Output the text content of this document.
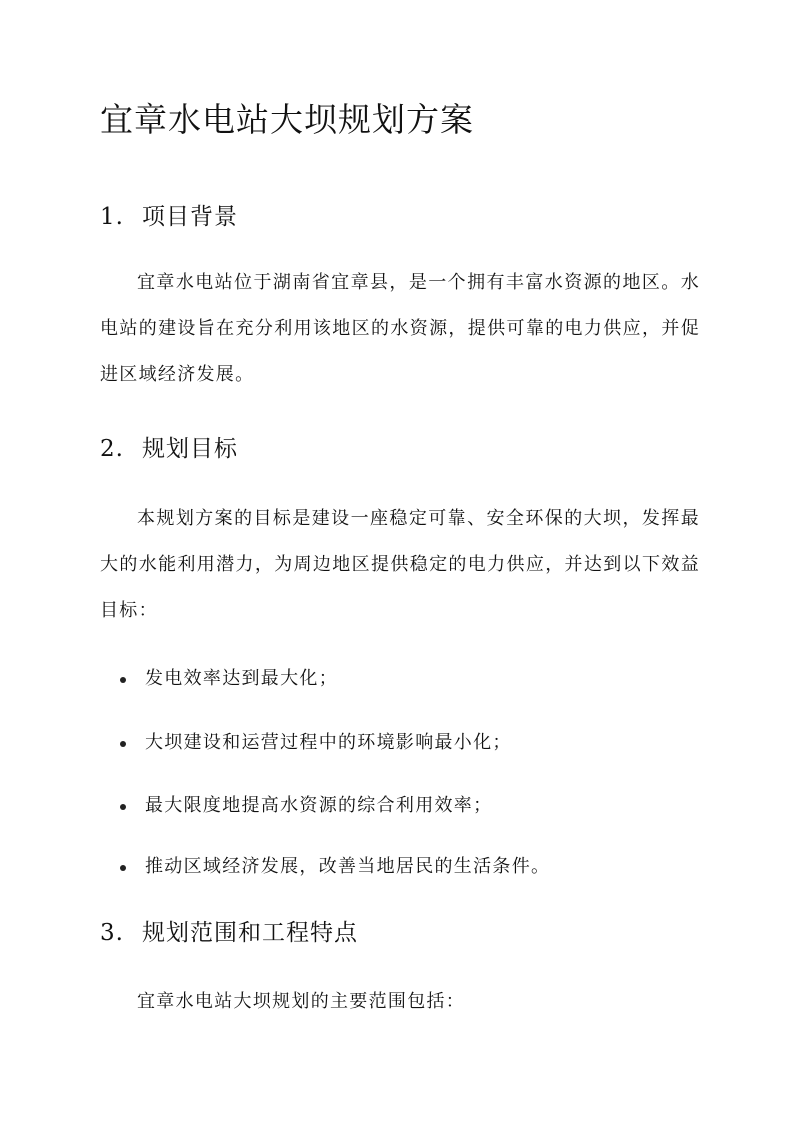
宜章水电站大坝规划方案
1. 项目背景

宜章水电站位于湖南省宜章县，是一个拥有丰富水资源的地区。水电站的建设旨在充分利用该地区的水资源，提供可靠的电力供应，并促进区域经济发展。

2. 规划目标

本规划方案的目标是建设一座稳定可靠、安全环保的大坝，发挥最大的水能利用潜力，为周边地区提供稳定的电力供应，并达到以下效益目标：

发电效率达到最大化；
大坝建设和运营过程中的环境影响最小化；
最大限度地提高水资源的综合利用效率；
推动区域经济发展，改善当地居民的生活条件。
3. 规划范围和工程特点

宜章水电站大坝规划的主要范围包括：
